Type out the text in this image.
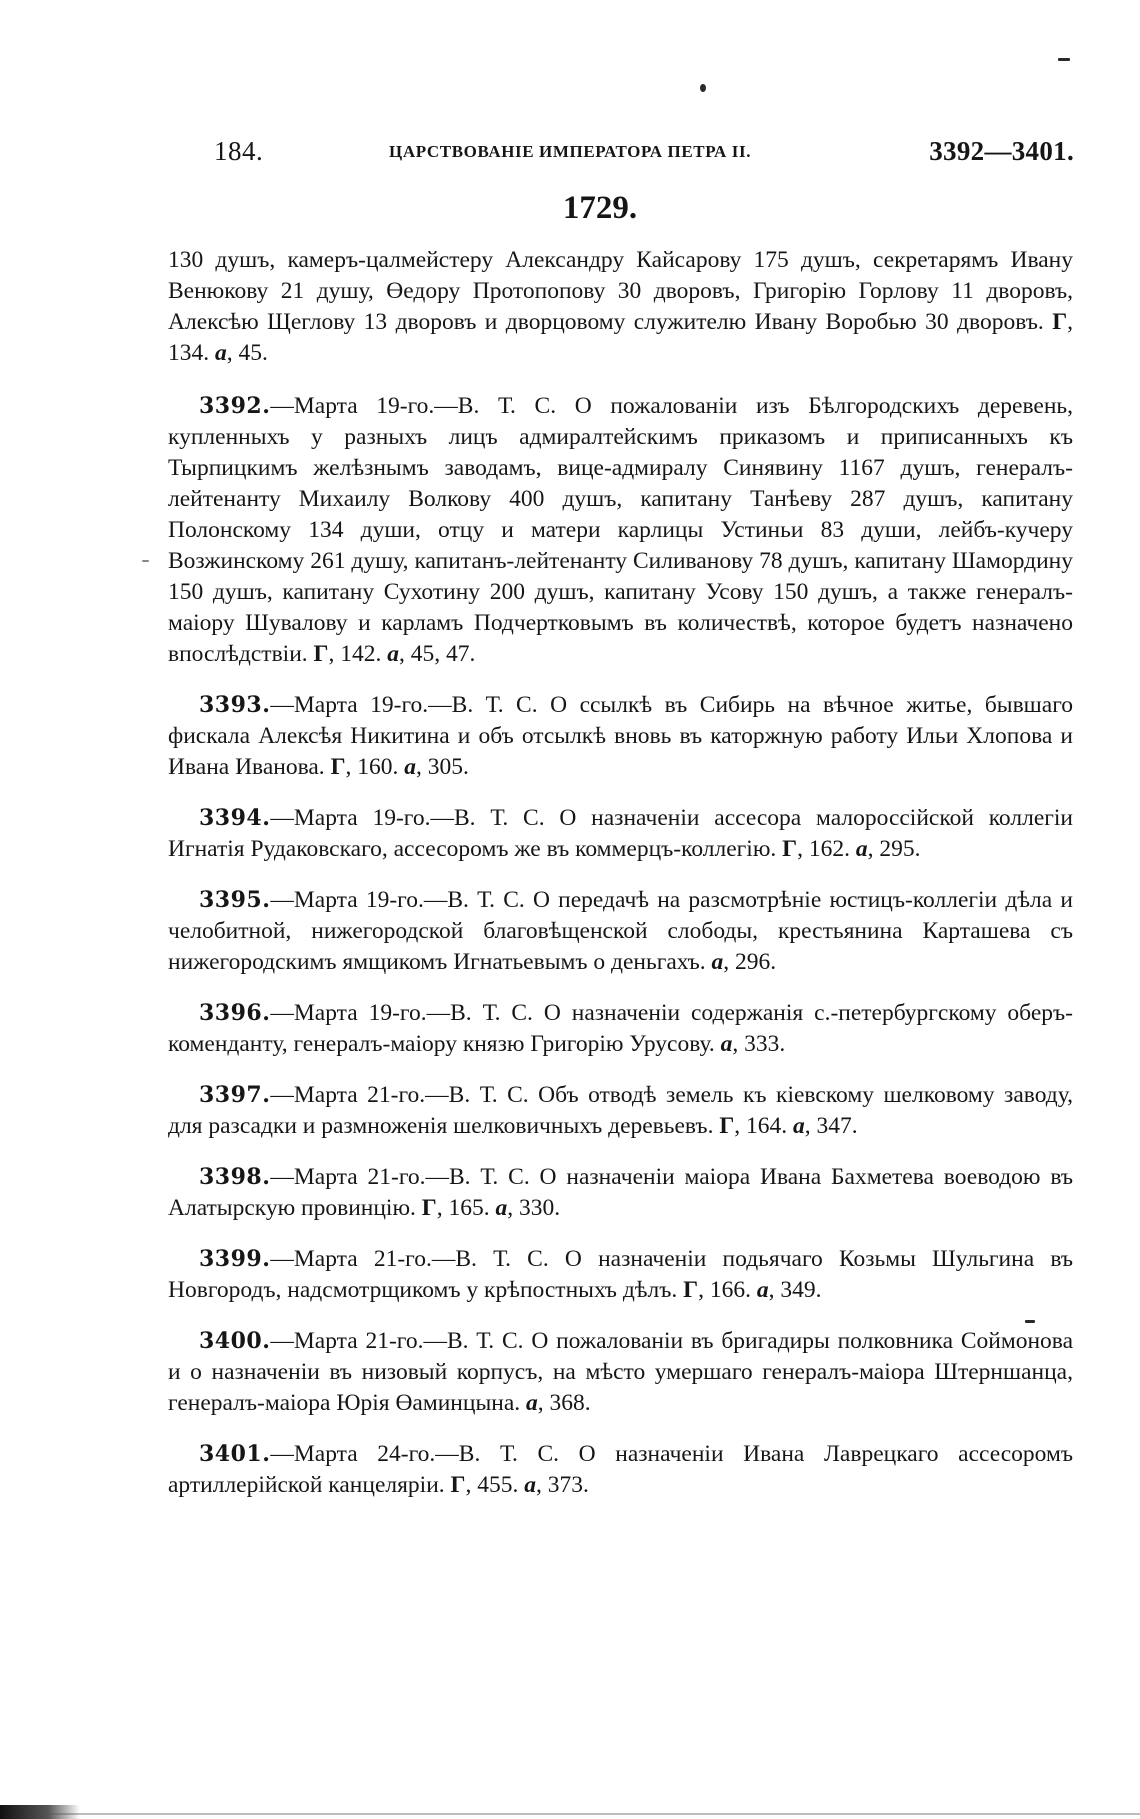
184.	ЦАРСТВОВАНІЕ ИМПЕРАТОРА ПЕТРА II.	3392—3401.
1729.

130 душъ, камеръ-цалмейстеру Александру Кайсарову 175 душъ, секретарямъ Ивану Венюкову 21 душу, Өедору Протопопову 30 дворовъ, Григорію Горлову 11 дворовъ, Алексѣю Щеглову 13 дворовъ и дворцовому служителю Ивану Воробью 30 дворовъ. Г, 134. а, 45.

3392.—Марта 19-го.—В. Т. С. О пожалованіи изъ Бѣлгородскихъ деревень, купленныхъ у разныхъ лицъ адмиралтейскимъ приказомъ и приписанныхъ къ Тырпицкимъ желѣзнымъ заводамъ, вице-адмиралу Синявину 1167 душъ, генералъ-лейтенанту Михаилу Волкову 400 душъ, капитану Танѣеву 287 душъ, капитану Полонскому 134 души, отцу и матери карлицы Устиньи 83 души, лейбъ-кучеру Возжинскому 261 душу, капитанъ-лейтенанту Силиванову 78 душъ, капитану Шамордину 150 душъ, капитану Сухотину 200 душъ, капитану Усову 150 душъ, а также генералъ-маіору Шувалову и карламъ Подчертковымъ въ количествѣ, которое будетъ назначено впослѣдствіи. Г, 142. а, 45, 47.

3393.—Марта 19-го.—В. Т. С. О ссылкѣ въ Сибирь на вѣчное житье, бывшаго фискала Алексѣя Никитина и объ отсылкѣ вновь въ каторжную работу Ильи Хлопова и Ивана Иванова. Г, 160. а, 305.

3394.—Марта 19-го.—В. Т. С. О назначеніи ассесора малороссійской коллегіи Игнатія Рудаковскаго, ассесоромъ же въ коммерцъ-коллегію. Г, 162. а, 295.

3395.—Марта 19-го.—В. Т. С. О передачѣ на разсмотрѣніе юстицъ-коллегіи дѣла и челобитной, нижегородской благовѣщенской слободы, крестьянина Карташева съ нижегородскимъ ямщикомъ Игнатьевымъ о деньгахъ. а, 296.

3396.—Марта 19-го.—В. Т. С. О назначеніи содержанія с.-петербургскому оберъ-коменданту, генералъ-маіору князю Григорію Урусову. а, 333.

3397.—Марта 21-го.—В. Т. С. Объ отводѣ земель къ кіевскому шелковому заводу, для разсадки и размноженія шелковичныхъ деревьевъ. Г, 164. а, 347.

3398.—Марта 21-го.—В. Т. С. О назначеніи маіора Ивана Бахметева воеводою въ Алатырскую провинцію. Г, 165. а, 330.

3399.—Марта 21-го.—В. Т. С. О назначеніи подьячаго Козьмы Шульгина въ Новгородъ, надсмотрщикомъ у крѣпостныхъ дѣлъ. Г, 166. а, 349.

3400.—Марта 21-го.—В. Т. С. О пожалованіи въ бригадиры полковника Соймонова и о назначеніи въ низовый корпусъ, на мѣсто умершаго генералъ-маіора Штерншанца, генералъ-маіора Юрія Өаминцына. а, 368.

3401.—Марта 24-го.—В. Т. С. О назначеніи Ивана Лаврецкаго ассесоромъ артиллерійской канцеляріи. Г, 455. а, 373.
